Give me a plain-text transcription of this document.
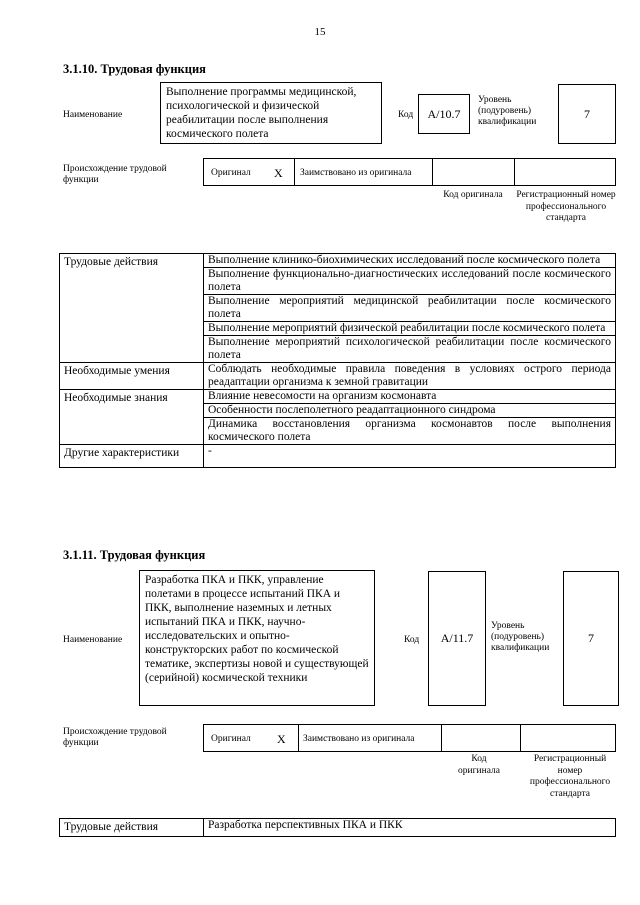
15
3.1.10. Трудовая функция
Наименование
Выполнение программы медицинской, психологической и физической реабилитации после выполнения космического полета
Код	А/10.7
Уровень (подуровень) квалификации
7
Происхождение трудовой функции
Оригинал X Заимствовано из оригинала
Код оригинала	Регистрационный номер профессионального стандарта
Трудовые действия	Выполнение клинико-биохимических исследований после космического полета
	Выполнение функционально-диагностических исследований после космического полета
	Выполнение мероприятий медицинской реабилитации после космического полета
	Выполнение мероприятий физической реабилитации после космического полета
	Выполнение мероприятий психологической реабилитации после космического полета
Необходимые умения	Соблюдать необходимые правила поведения в условиях острого периода реадаптации организма к земной гравитации
Необходимые знания	Влияние невесомости на организм космонавта
	Особенности послеполетного реадаптационного синдрома
	Динамика восстановления организма космонавтов после выполнения космического полета
Другие характеристики	-
3.1.11. Трудовая функция
Наименование
Разработка ПКА и ПКК, управление полетами в процессе испытаний ПКА и ПКК, выполнение наземных и летных испытаний ПКА и ПКК, научно-исследовательских и опытно-конструкторских работ по космической тематике, экспертизы новой и существующей (серийной) космической техники
Код	А/11.7
Уровень (подуровень) квалификации
7
Происхождение трудовой функции	Оригинал X Заимствовано из оригинала
Код оригинала
Регистрационный номер профессионального стандарта
Трудовые действия	Разработка перспективных ПКА и ПКК
